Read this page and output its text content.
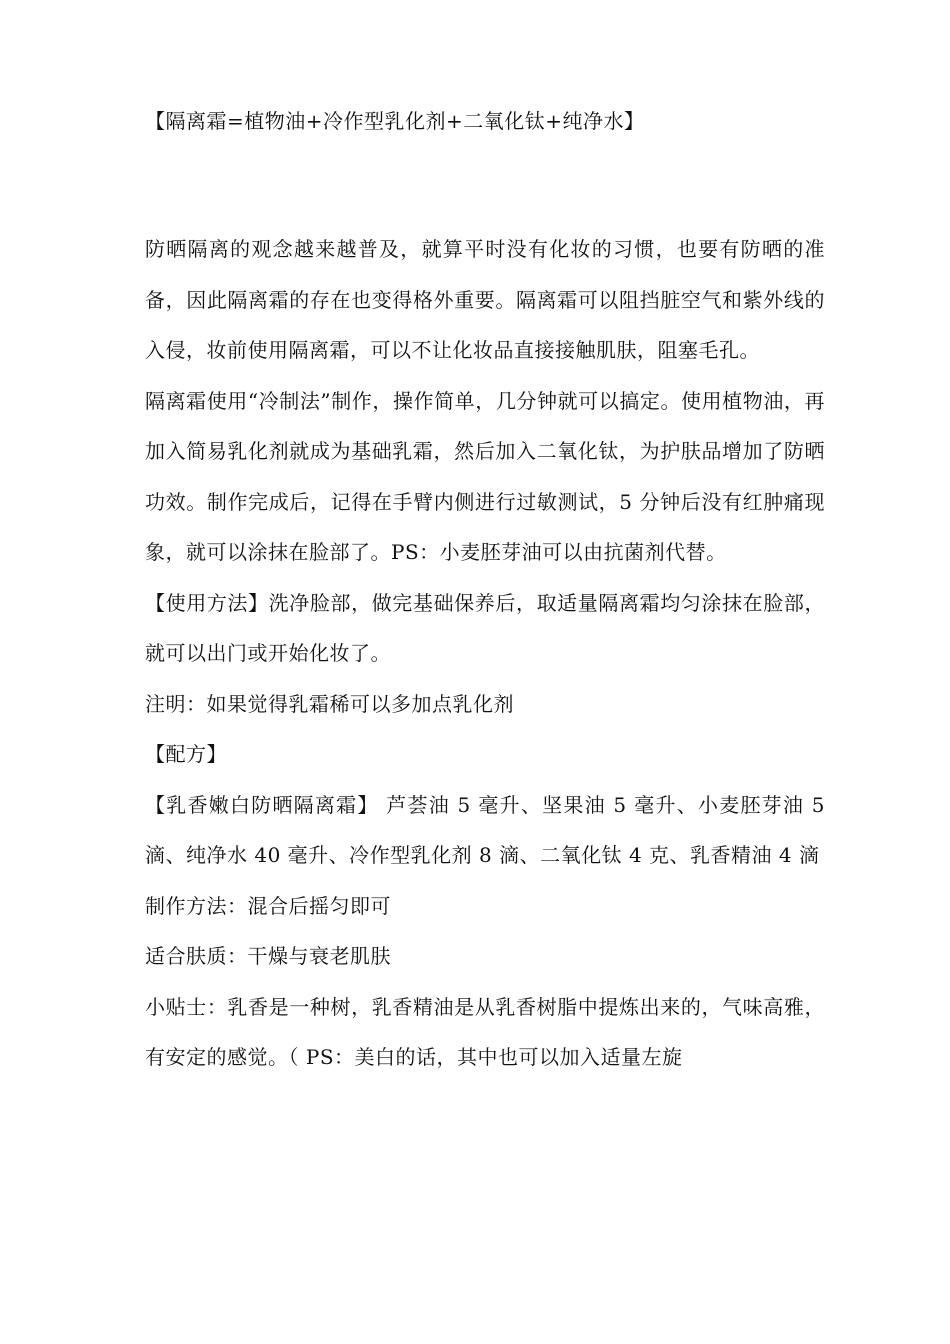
【隔离霜=植物油+冷作型乳化剂+二氧化钛+纯净水】

防晒隔离的观念越来越普及，就算平时没有化妆的习惯，也要有防晒的准备，因此隔离霜的存在也变得格外重要。隔离霜可以阻挡脏空气和紫外线的入侵，妆前使用隔离霜，可以不让化妆品直接接触肌肤，阻塞毛孔。

隔离霜使用“冷制法”制作，操作简单，几分钟就可以搞定。使用植物油，再加入简易乳化剂就成为基础乳霜，然后加入二氧化钛，为护肤品增加了防晒功效。制作完成后，记得在手臂内侧进行过敏测试，5 分钟后没有红肿痛现象，就可以涂抹在脸部了。PS：小麦胚芽油可以由抗菌剂代替。

【使用方法】洗净脸部，做完基础保养后，取适量隔离霜均匀涂抹在脸部，就可以出门或开始化妆了。

注明：如果觉得乳霜稀可以多加点乳化剂

【配方】

【乳香嫩白防晒隔离霜】 芦荟油 5 毫升、坚果油 5 毫升、小麦胚芽油 5 滴、纯净水 40 毫升、冷作型乳化剂 8 滴、二氧化钛 4 克、乳香精油 4 滴

制作方法：混合后摇匀即可

适合肤质：干燥与衰老肌肤

小贴士：乳香是一种树，乳香精油是从乳香树脂中提炼出来的，气味高雅，有安定的感觉。（ PS：美白的话，其中也可以加入适量左旋
